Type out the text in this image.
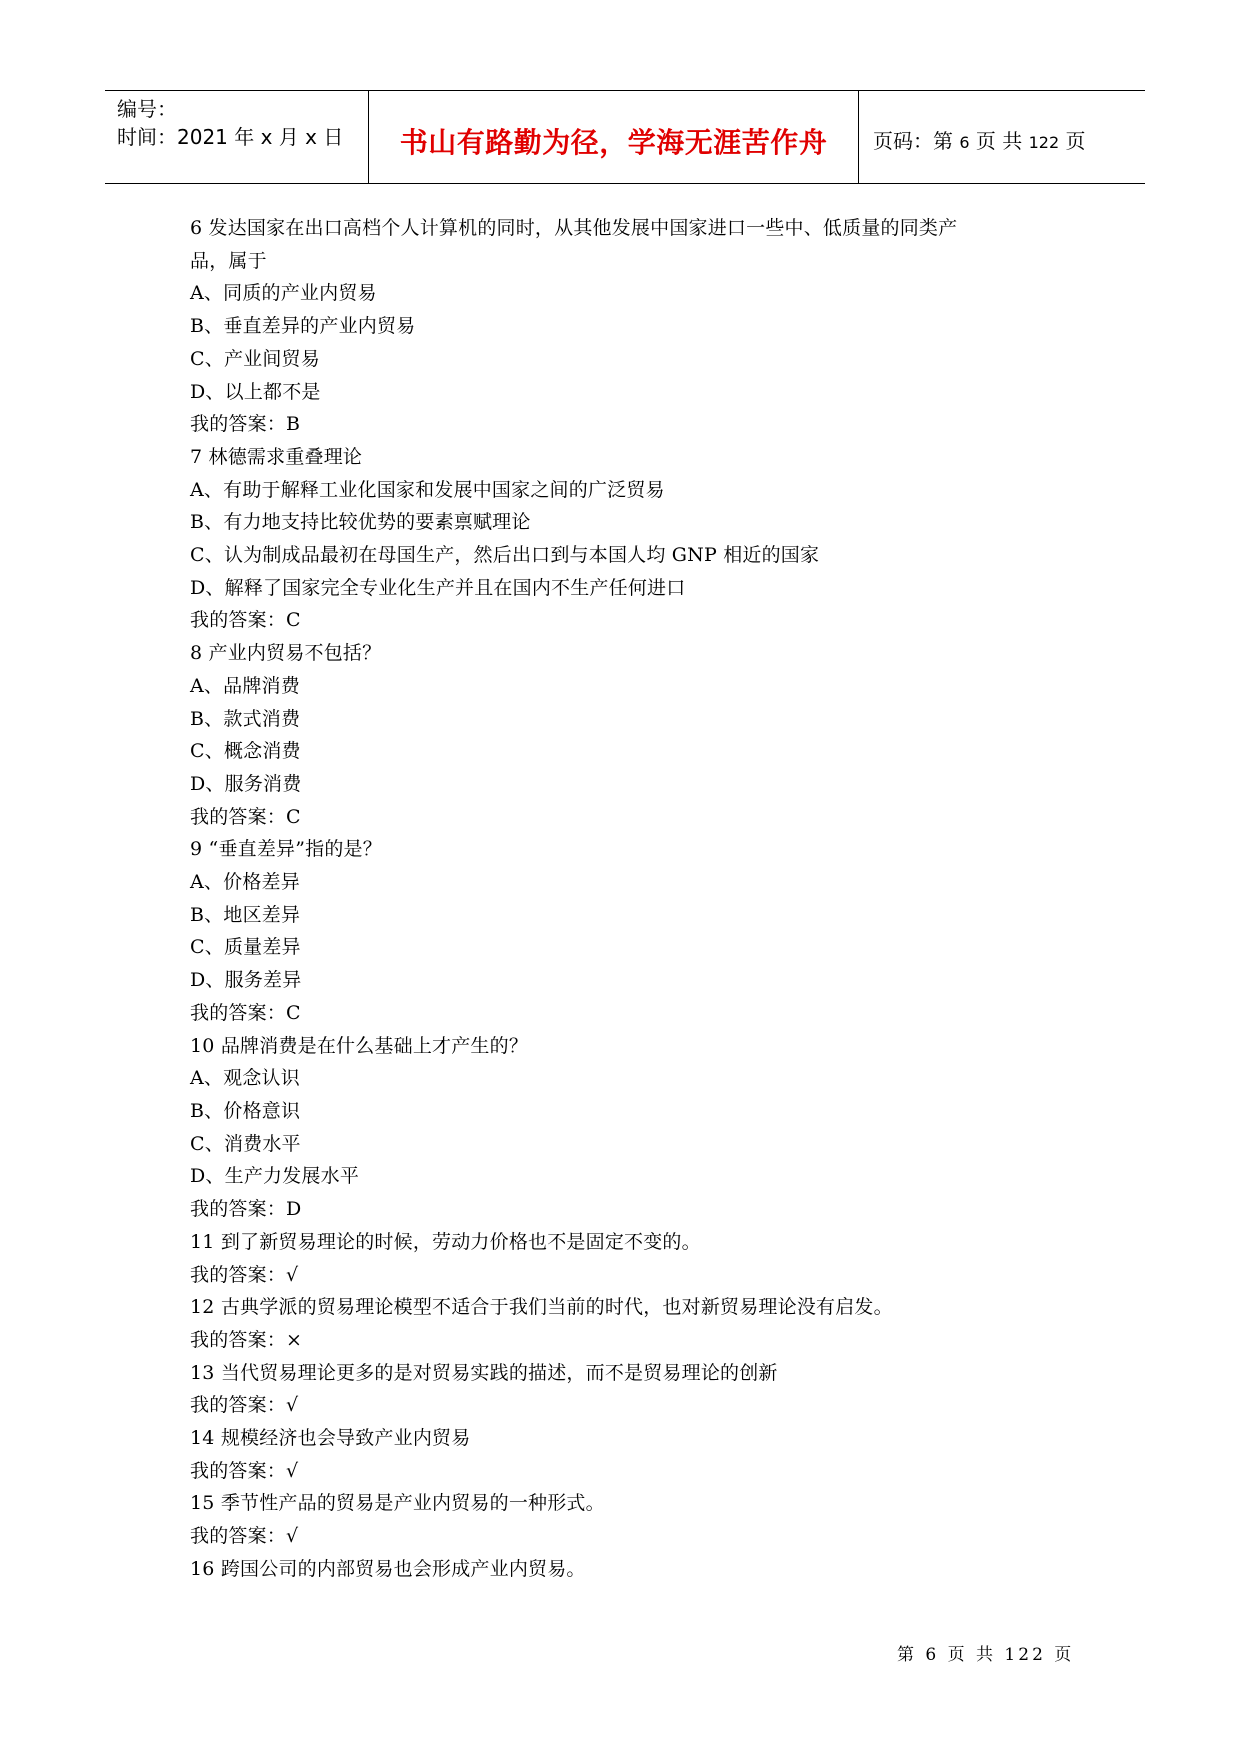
编号：
时间：2021 年 x 月 x 日	书山有路勤为径，学海无涯苦作舟	页码：第 6 页 共 122 页
6 发达国家在出口高档个人计算机的同时，从其他发展中国家进口一些中、低质量的同类产
品，属于
A、同质的产业内贸易
B、垂直差异的产业内贸易
C、产业间贸易
D、以上都不是
我的答案：B
7 林德需求重叠理论
A、有助于解释工业化国家和发展中国家之间的广泛贸易
B、有力地支持比较优势的要素禀赋理论
C、认为制成品最初在母国生产，然后出口到与本国人均 GNP 相近的国家
D、解释了国家完全专业化生产并且在国内不生产任何进口
我的答案：C
8 产业内贸易不包括？
A、品牌消费
B、款式消费
C、概念消费
D、服务消费
我的答案：C
9 “垂直差异”指的是？
A、价格差异
B、地区差异
C、质量差异
D、服务差异
我的答案：C
10 品牌消费是在什么基础上才产生的？
A、观念认识
B、价格意识
C、消费水平
D、生产力发展水平
我的答案：D
11 到了新贸易理论的时候，劳动力价格也不是固定不变的。
我的答案：√
12 古典学派的贸易理论模型不适合于我们当前的时代，也对新贸易理论没有启发。
我的答案：×
13 当代贸易理论更多的是对贸易实践的描述，而不是贸易理论的创新
我的答案：√
14 规模经济也会导致产业内贸易
我的答案：√
15 季节性产品的贸易是产业内贸易的一种形式。
我的答案：√
16 跨国公司的内部贸易也会形成产业内贸易。
第 6 页 共 122 页
